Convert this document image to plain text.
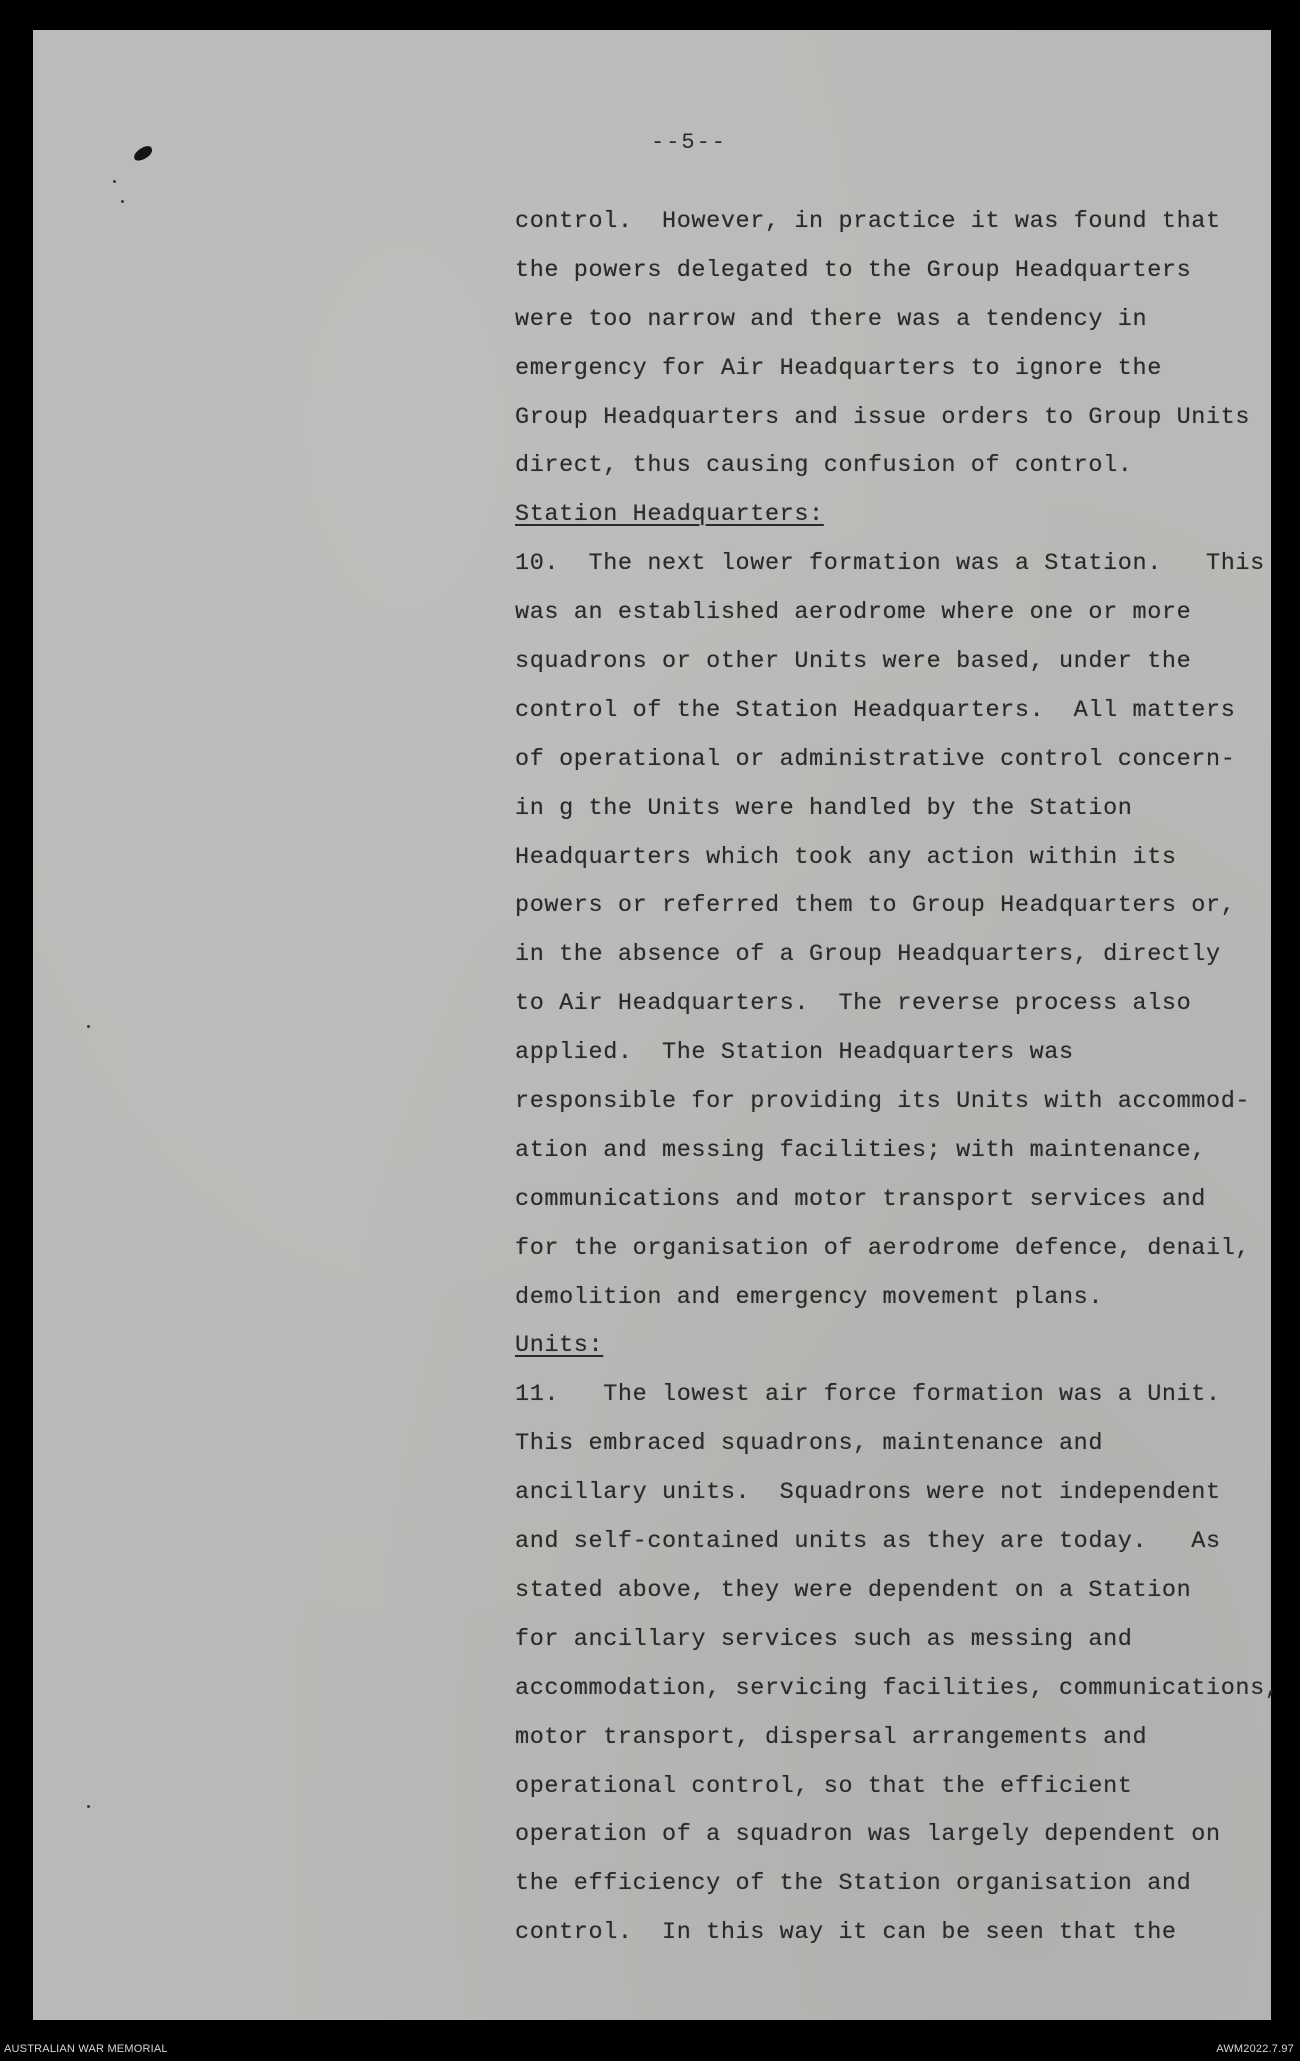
--5--
control.  However, in practice it was found that
the powers delegated to the Group Headquarters
were too narrow and there was a tendency in
emergency for Air Headquarters to ignore the
Group Headquarters and issue orders to Group Units
direct, thus causing confusion of control.
Station Headquarters:
10.  The next lower formation was a Station.   This
was an established aerodrome where one or more
squadrons or other Units were based, under the
control of the Station Headquarters.  All matters
of operational or administrative control concern-
in g the Units were handled by the Station
Headquarters which took any action within its
powers or referred them to Group Headquarters or,
in the absence of a Group Headquarters, directly
to Air Headquarters.  The reverse process also
applied.  The Station Headquarters was
responsible for providing its Units with accommod-
ation and messing facilities; with maintenance,
communications and motor transport services and
for the organisation of aerodrome defence, denail,
demolition and emergency movement plans.
Units:
11.   The lowest air force formation was a Unit.
This embraced squadrons, maintenance and
ancillary units.  Squadrons were not independent
and self-contained units as they are today.   As
stated above, they were dependent on a Station
for ancillary services such as messing and
accommodation, servicing facilities, communications,
motor transport, dispersal arrangements and
operational control, so that the efficient
operation of a squadron was largely dependent on
the efficiency of the Station organisation and
control.  In this way it can be seen that the
AUSTRALIAN WAR MEMORIAL	AWM2022.7.97
